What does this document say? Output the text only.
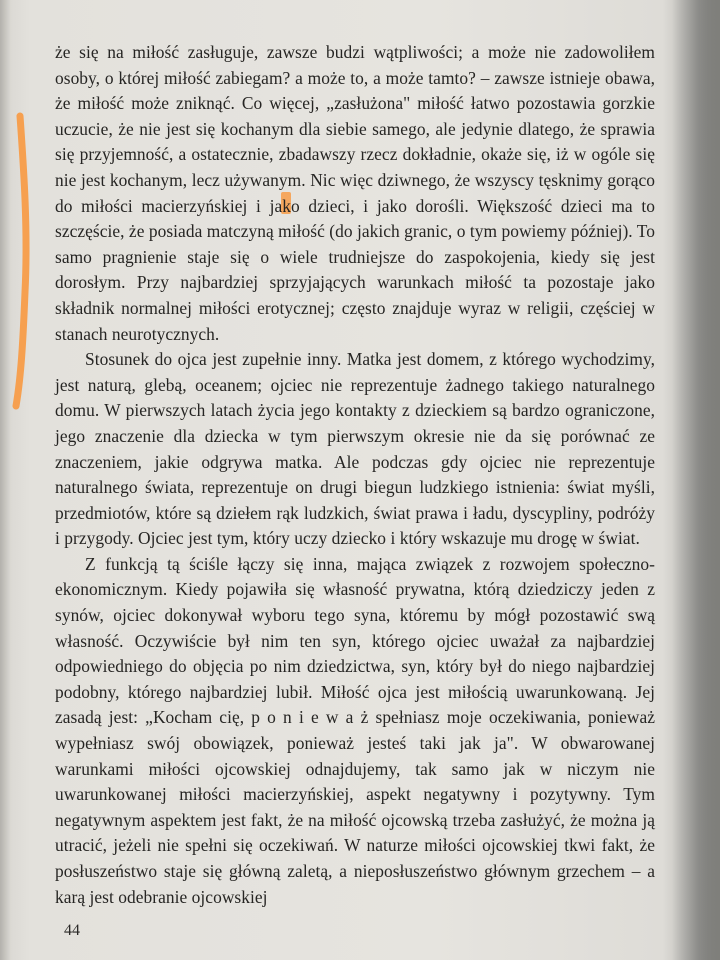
że się na miłość zasługuje, zawsze budzi wątpliwości; a może nie zadowoliłem osoby, o której miłość zabiegam? a może to, a może tamto? – zawsze istnieje obawa, że miłość może zniknąć. Co więcej, „zasłużona" miłość łatwo pozostawia gorzkie uczucie, że nie jest się kochanym dla siebie samego, ale jedynie dlatego, że sprawia się przyjemność, a ostatecznie, zbadawszy rzecz dokładnie, okaże się, iż w ogóle się nie jest kochanym, lecz używanym. Nic więc dziwnego, że wszyscy tęsknimy gorąco do miłości macierzyńskiej i jako dzieci, i jako dorośli. Większość dzieci ma to szczęście, że posiada matczyną miłość (do jakich granic, o tym powiemy później). To samo pragnienie staje się o wiele trudniejsze do zaspokojenia, kiedy się jest dorosłym. Przy najbardziej sprzyjających warunkach miłość ta pozostaje jako składnik normalnej miłości erotycznej; często znajduje wyraz w religii, częściej w stanach neurotycznych.
Stosunek do ojca jest zupełnie inny. Matka jest domem, z którego wychodzimy, jest naturą, glebą, oceanem; ojciec nie reprezentuje żadnego takiego naturalnego domu. W pierwszych latach życia jego kontakty z dzieckiem są bardzo ograniczone, jego znaczenie dla dziecka w tym pierwszym okresie nie da się porównać ze znaczeniem, jakie odgrywa matka. Ale podczas gdy ojciec nie reprezentuje naturalnego świata, reprezentuje on drugi biegun ludzkiego istnienia: świat myśli, przedmiotów, które są dziełem rąk ludzkich, świat prawa i ładu, dyscypliny, podróży i przygody. Ojciec jest tym, który uczy dziecko i który wskazuje mu drogę w świat.
Z funkcją tą ściśle łączy się inna, mająca związek z rozwojem społeczno-ekonomicznym. Kiedy pojawiła się własność prywatna, którą dziedziczy jeden z synów, ojciec dokonywał wyboru tego syna, któremu by mógł pozostawić swą własność. Oczywiście był nim ten syn, którego ojciec uważał za najbardziej odpowiedniego do objęcia po nim dziedzictwa, syn, który był do niego najbardziej podobny, którego najbardziej lubił. Miłość ojca jest miłością uwarunkowaną. Jej zasadą jest: „Kocham cię, p o n i e w a ż spełniasz moje oczekiwania, ponieważ wypełniasz swój obowiązek, ponieważ jesteś taki jak ja". W obwarowanej warunkami miłości ojcowskiej odnajdujemy, tak samo jak w niczym nie uwarunkowanej miłości macierzyńskiej, aspekt negatywny i pozytywny. Tym negatywnym aspektem jest fakt, że na miłość ojcowską trzeba zasłużyć, że można ją utracić, jeżeli nie spełni się oczekiwań. W naturze miłości ojcowskiej tkwi fakt, że posłuszeństwo staje się główną zaletą, a nieposłuszeństwo głównym grzechem – a karą jest odebranie ojcowskiej

44
